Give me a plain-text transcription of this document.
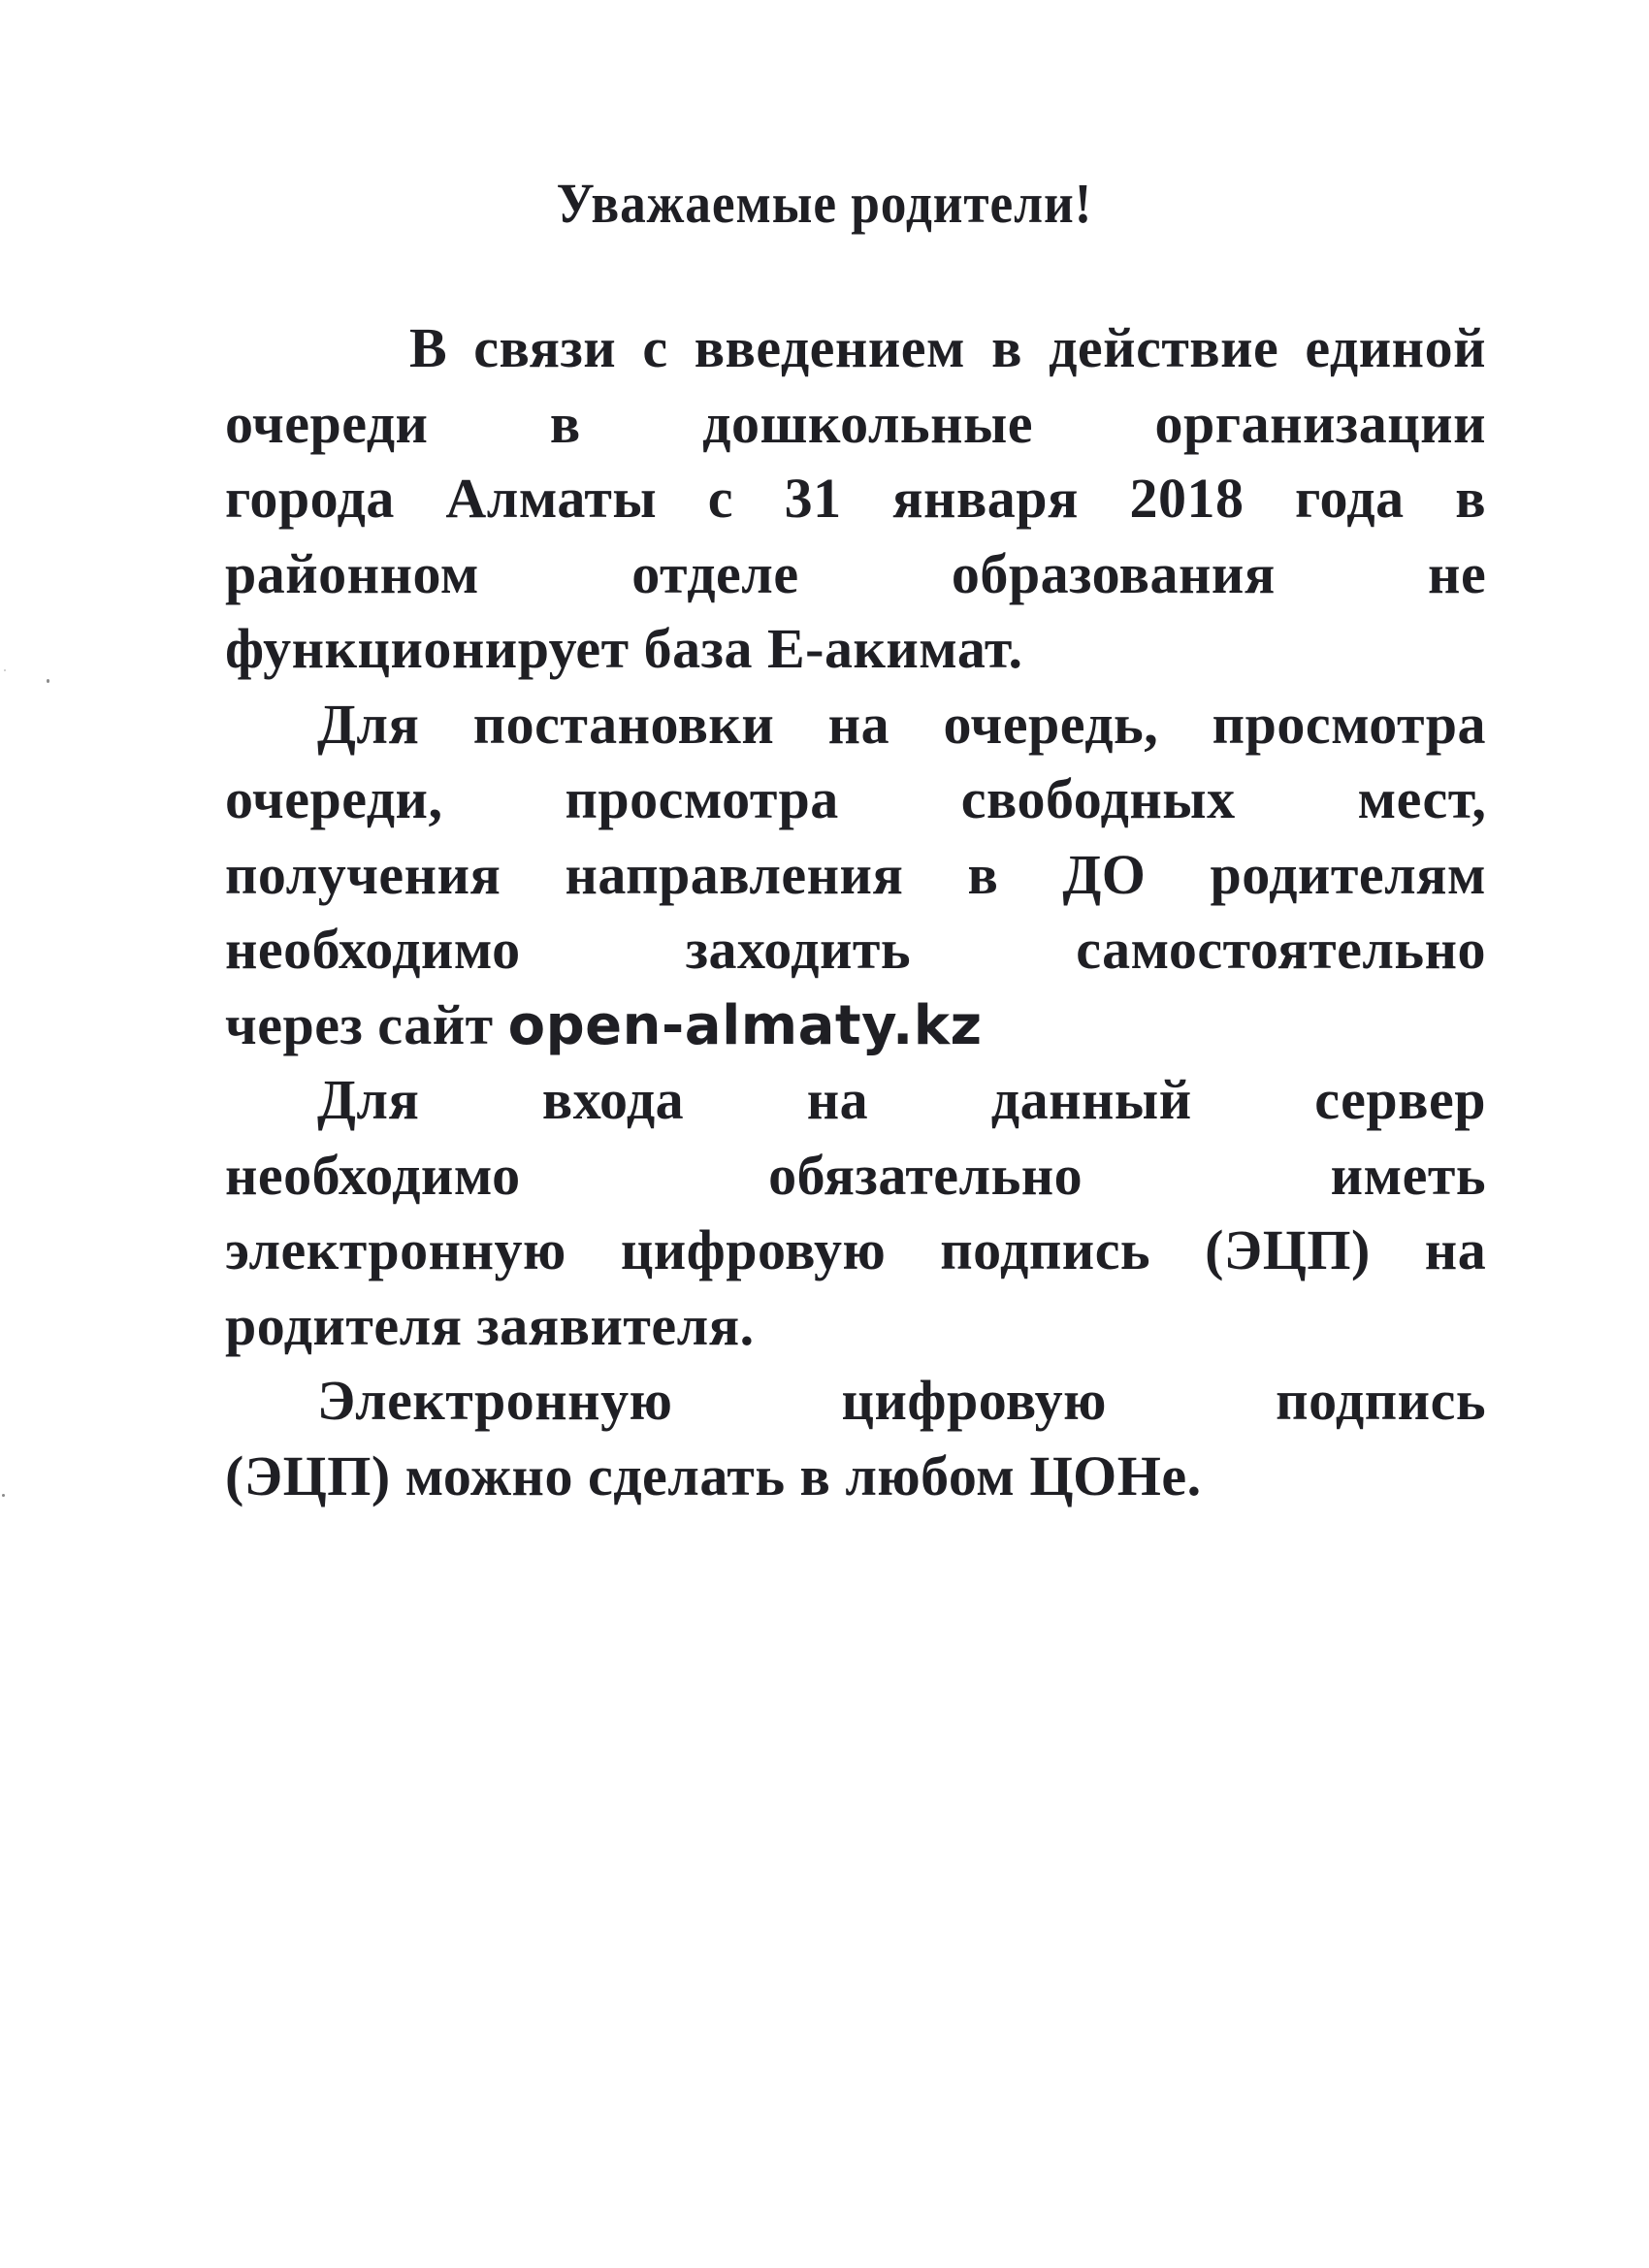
Уважаемые родители!
В связи с введением в действие единой
очереди в дошкольные организации
города Алматы с 31 января 2018 года в
районном отделе образования не
функционирует база Е-акимат.
Для постановки на очередь, просмотра
очереди, просмотра свободных мест,
получения направления в ДО родителям
необходимо заходить самостоятельно
через сайт open-almaty.kz
Для входа на данный сервер
необходимо обязательно иметь
электронную цифровую подпись (ЭЦП) на
родителя заявителя.
Электронную цифровую подпись
(ЭЦП) можно сделать в любом ЦОНе.
